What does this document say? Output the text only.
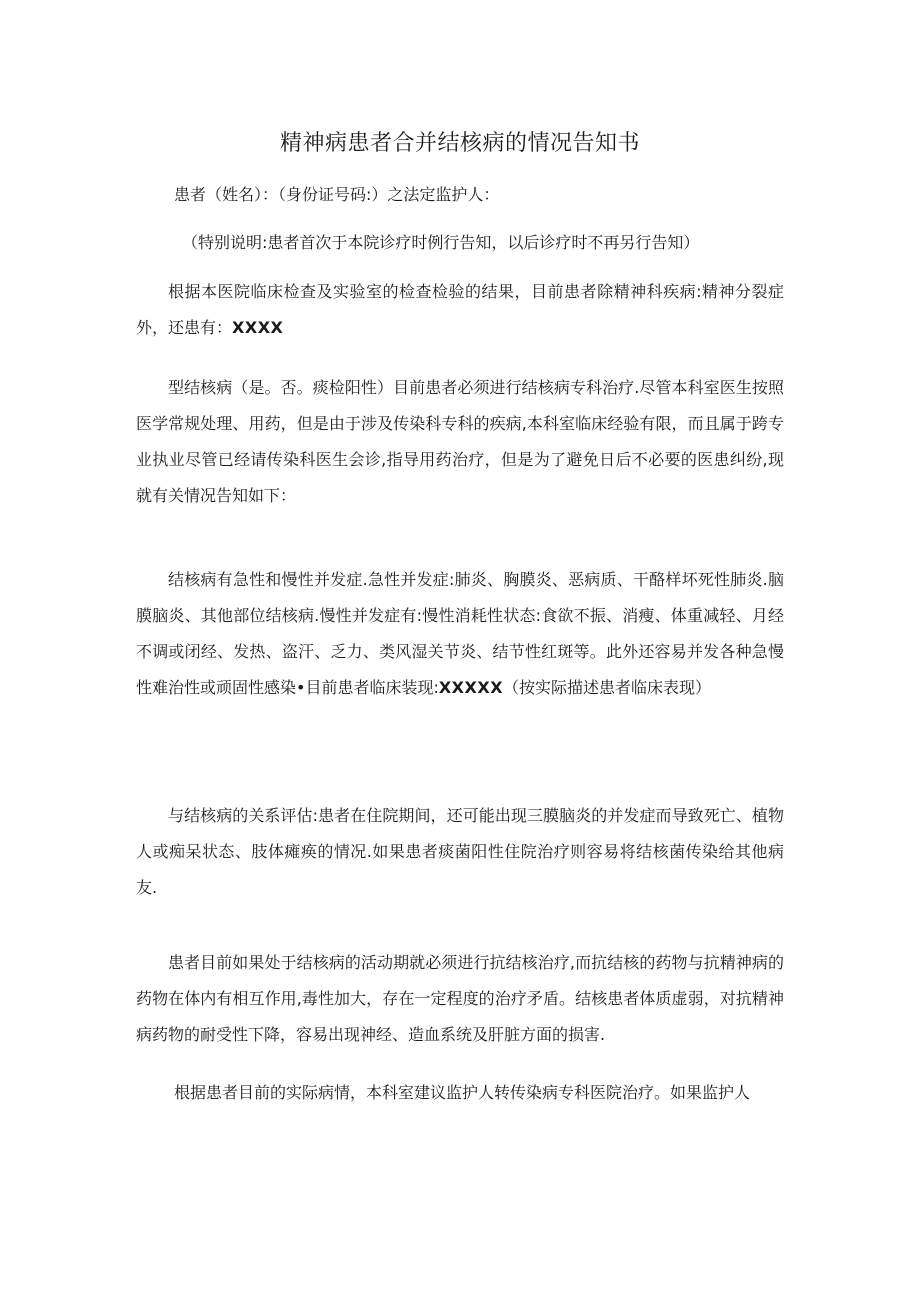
精神病患者合并结核病的情况告知书
患者（姓名）：（身份证号码:）之法定监护人：
（特别说明:患者首次于本院诊疗时例行告知，以后诊疗时不再另行告知）
根据本医院临床检查及实验室的检查检验的结果，目前患者除精神科疾病:精神分裂症外，还患有：XXXX
型结核病（是。否。痰检阳性）目前患者必须进行结核病专科治疗.尽管本科室医生按照医学常规处理、用药，但是由于涉及传染科专科的疾病,本科室临床经验有限，而且属于跨专业执业尽管已经请传染科医生会诊,指导用药治疗，但是为了避免日后不必要的医患纠纷,现就有关情况告知如下：
结核病有急性和慢性并发症.急性并发症:肺炎、胸膜炎、恶病质、干酪样坏死性肺炎.脑膜脑炎、其他部位结核病.慢性并发症有:慢性消耗性状态:食欲不振、消瘦、体重减轻、月经不调或闭经、发热、盗汗、乏力、类风湿关节炎、结节性红斑等。此外还容易并发各种急慢性难治性或顽固性感染•目前患者临床装现:XXXXX（按实际描述患者临床表现）
与结核病的关系评估:患者在住院期间，还可能出现三膜脑炎的并发症而导致死亡、植物人或痴呆状态、肢体瘫痪的情况.如果患者痰菌阳性住院治疗则容易将结核菌传染给其他病友.
患者目前如果处于结核病的活动期就必须进行抗结核治疗,而抗结核的药物与抗精神病的药物在体内有相互作用,毒性加大，存在一定程度的治疗矛盾。结核患者体质虚弱，对抗精神病药物的耐受性下降，容易出现神经、造血系统及肝脏方面的损害.
根据患者目前的实际病情，本科室建议监护人转传染病专科医院治疗。如果监护人
